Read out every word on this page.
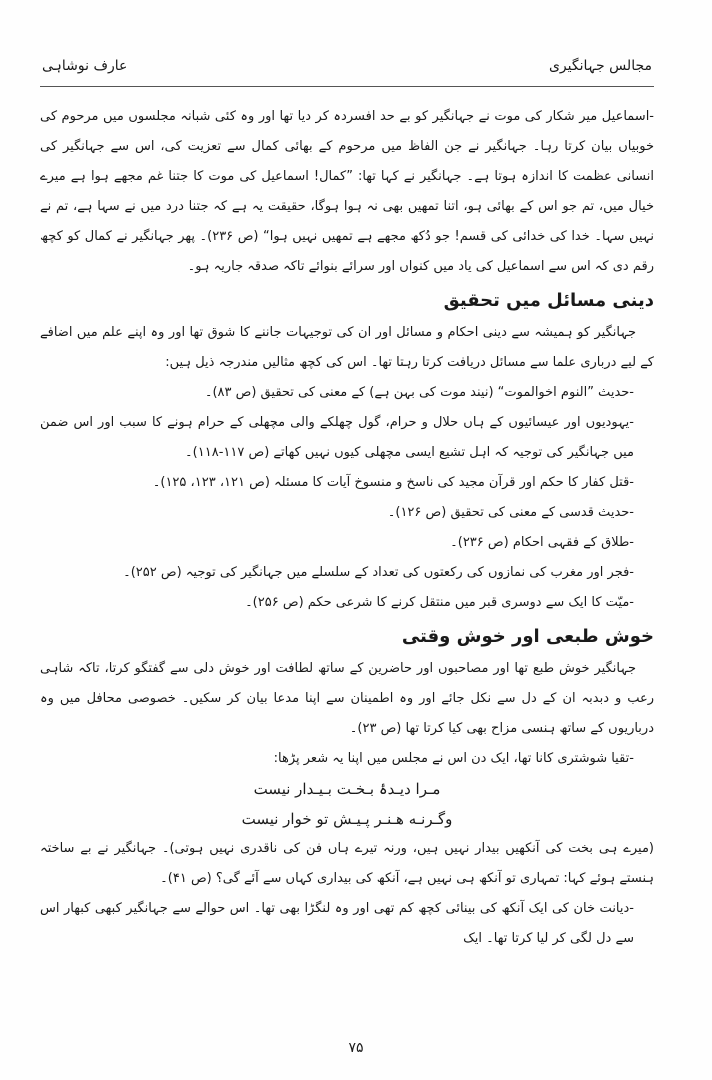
مجالس جہانگیری
عارف نوشاہی

-اسماعیل میر شکار کی موت نے جہانگیر کو بے حد افسردہ کر دیا تھا اور وہ کئی شبانہ مجلسوں میں مرحوم کی خوبیاں بیان کرتا رہا۔ جہانگیر نے جن الفاظ میں مرحوم کے بھائی کمال سے تعزیت کی، اس سے جہانگیر کی انسانی عظمت کا اندازہ ہوتا ہے۔ جہانگیر نے کہا تھا: ”کمال! اسماعیل کی موت کا جتنا غم مجھے ہوا ہے میرے خیال میں، تم جو اس کے بھائی ہو، اتنا تمھیں بھی نہ ہوا ہوگا، حقیقت یہ ہے کہ جتنا درد میں نے سہا ہے، تم نے نہیں سہا۔ خدا کی خدائی کی قسم! جو دُکھ مجھے ہے تمھیں نہیں ہوا“ (ص ۲۳۶)۔ پھر جہانگیر نے کمال کو کچھ رقم دی کہ اس سے اسماعیل کی یاد میں کنواں اور سرائے بنوائے تاکہ صدقہ جاریہ ہو۔

دینی مسائل میں تحقیق

جہانگیر کو ہمیشہ سے دینی احکام و مسائل اور ان کی توجیہات جاننے کا شوق تھا اور وہ اپنے علم میں اضافے کے لیے درباری علما سے مسائل دریافت کرتا رہتا تھا۔ اس کی کچھ مثالیں مندرجہ ذیل ہیں:

-حدیث ”النوم اخوالموت“ (نیند موت کی بہن ہے) کے معنی کی تحقیق (ص ۸۳)۔

-یہودیوں اور عیسائیوں کے ہاں حلال و حرام، گول چھلکے والی مچھلی کے حرام ہونے کا سبب اور اس ضمن میں جہانگیر کی توجیہ کہ اہل تشیع ایسی مچھلی کیوں نہیں کھاتے (ص ۱۱۷-۱۱۸)۔

-قتل کفار کا حکم اور قرآن مجید کی ناسخ و منسوخ آیات کا مسئلہ (ص ۱۲۱، ۱۲۳، ۱۲۵)۔

-حدیث قدسی کے معنی کی تحقیق (ص ۱۲۶)۔

-طلاق کے فقہی احکام (ص ۲۳۶)۔

-فجر اور مغرب کی نمازوں کی رکعتوں کی تعداد کے سلسلے میں جہانگیر کی توجیہ (ص ۲۵۲)۔

-میّت کا ایک سے دوسری قبر میں منتقل کرنے کا شرعی حکم (ص ۲۵۶)۔

خوش طبعی اور خوش وقتی

جہانگیر خوش طبع تھا اور مصاحبوں اور حاضرین کے ساتھ لطافت اور خوش دلی سے گفتگو کرتا، تاکہ شاہی رعب و دبدبہ ان کے دل سے نکل جائے اور وہ اطمینان سے اپنا مدعا بیان کر سکیں۔ خصوصی محافل میں وہ درباریوں کے ساتھ ہنسی مزاح بھی کیا کرتا تھا (ص ۲۳)۔

-تقیا شوشتری کانا تھا، ایک دن اس نے مجلس میں اپنا یہ شعر پڑھا:

مـرا دیـدۂ بـخـت بـیـدار نیست

وگـرنـه هـنـر پـیـش تو خوار نیست

(میرے ہی بخت کی آنکھیں بیدار نہیں ہیں، ورنہ تیرے ہاں فن کی ناقدری نہیں ہوتی)۔ جہانگیر نے بے ساختہ ہنستے ہوئے کہا: تمہاری تو آنکھ ہی نہیں ہے، آنکھ کی بیداری کہاں سے آئے گی؟ (ص ۴۱)۔

-دیانت خان کی ایک آنکھ کی بینائی کچھ کم تھی اور وہ لنگڑا بھی تھا۔ اس حوالے سے جہانگیر کبھی کبھار اس سے دل لگی کر لیا کرتا تھا۔ ایک

۷۵
